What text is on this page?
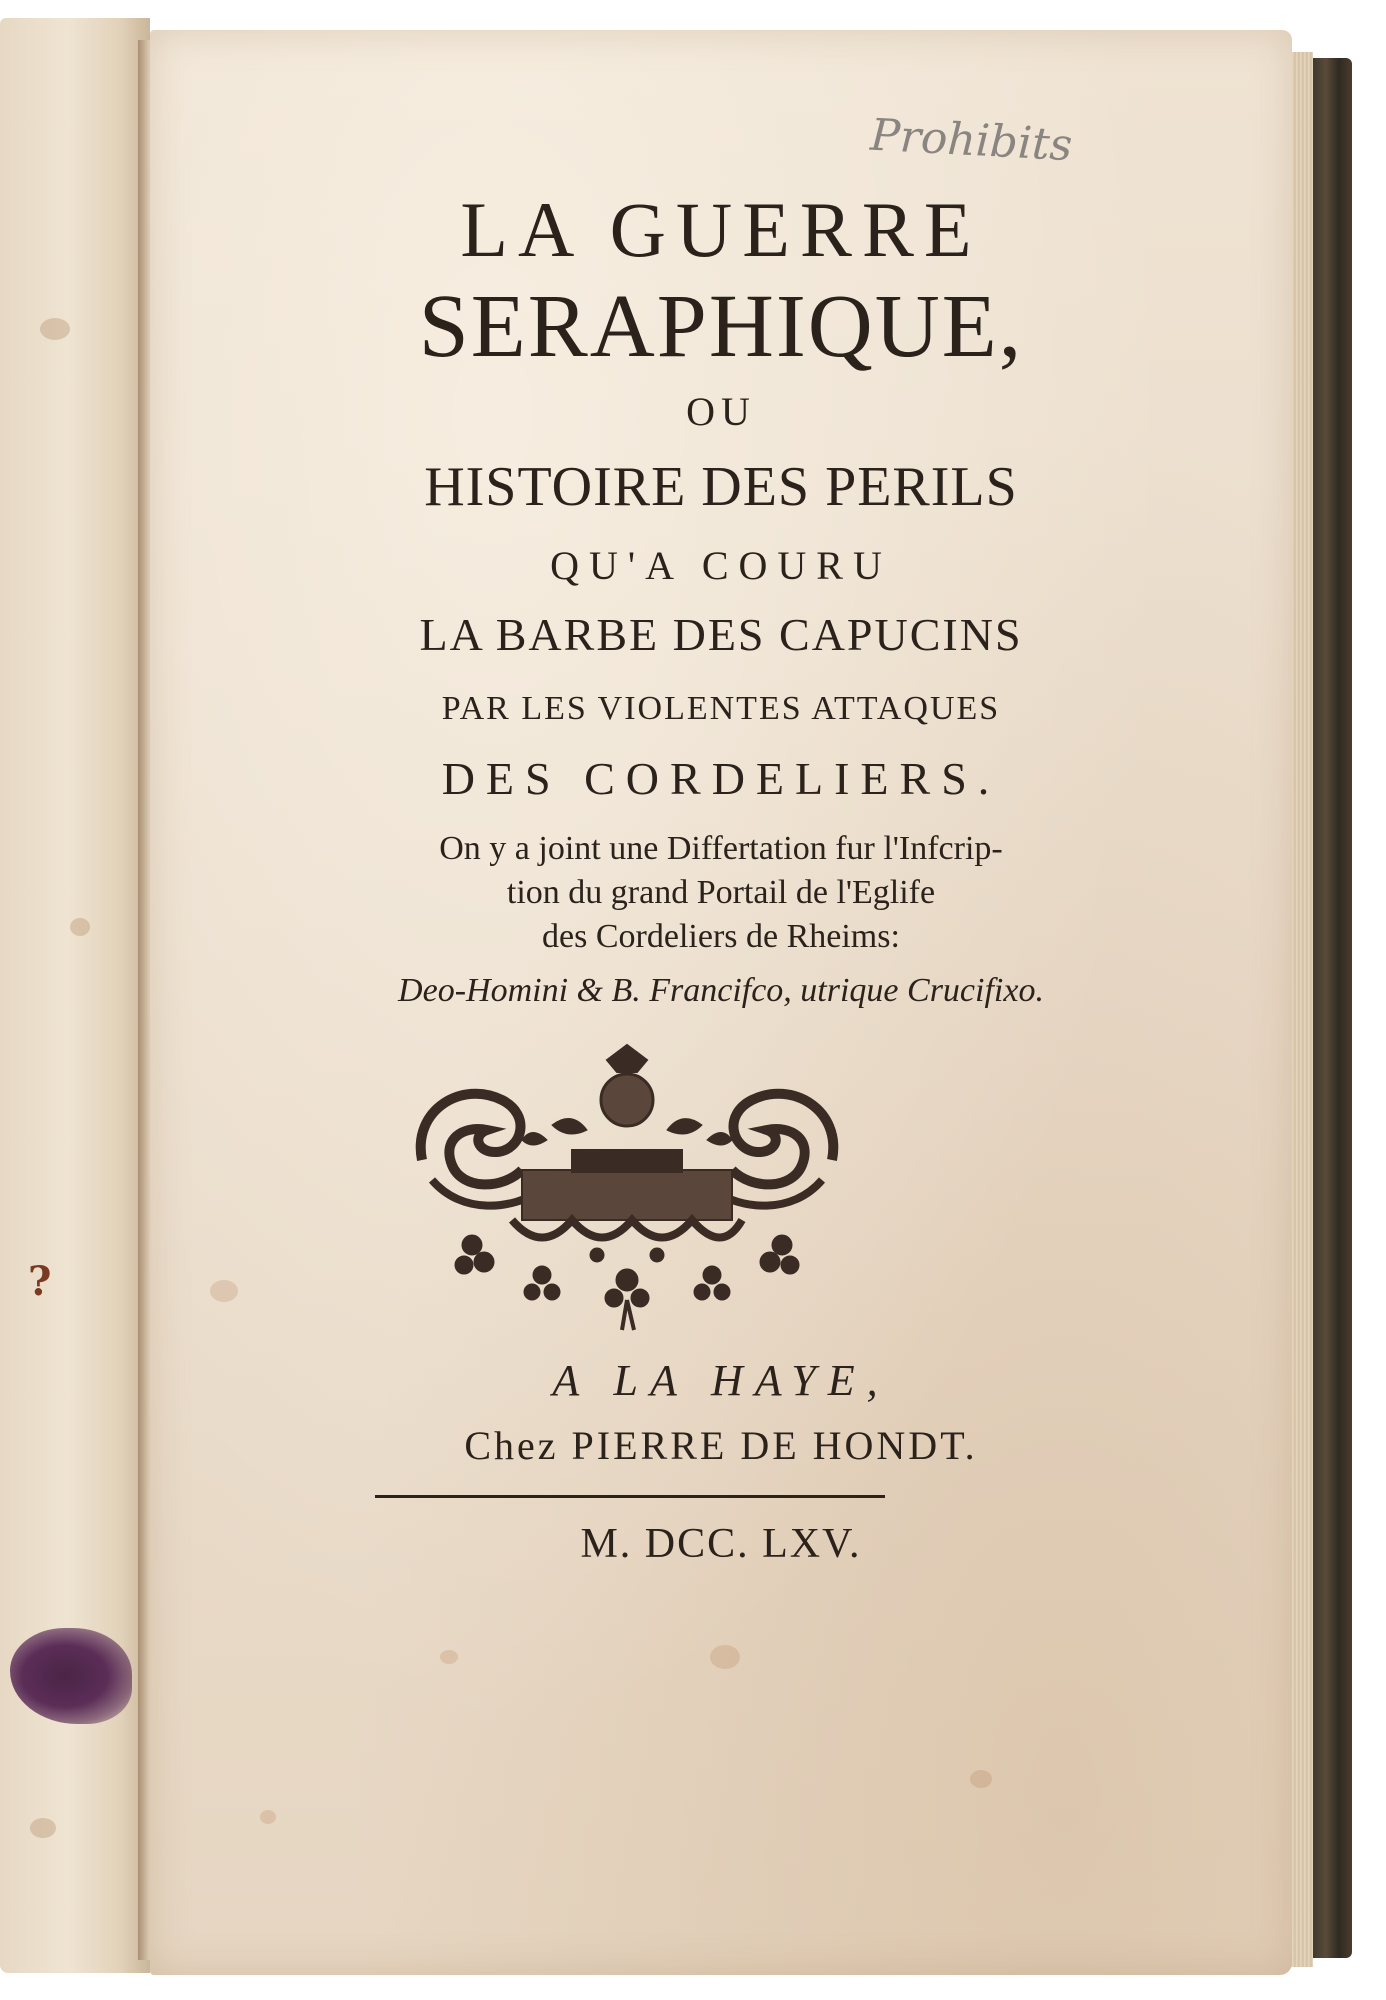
?
Prohibits
LA GUERRE
SERAPHIQUE,

OU

HISTOIRE DES PERILS

QU'A COURU

LA BARBE DES CAPUCINS

PAR LES VIOLENTES ATTAQUES

DES CORDELIERS.

On y a joint une Differtation fur l'Infcrip-

tion du grand Portail de l'Eglife

des Cordeliers de Rheims:

Deo-Homini & B. Francifco, utrique Crucifixo.

A LA HAYE,

Chez PIERRE DE HONDT.

M. DCC. LXV.
